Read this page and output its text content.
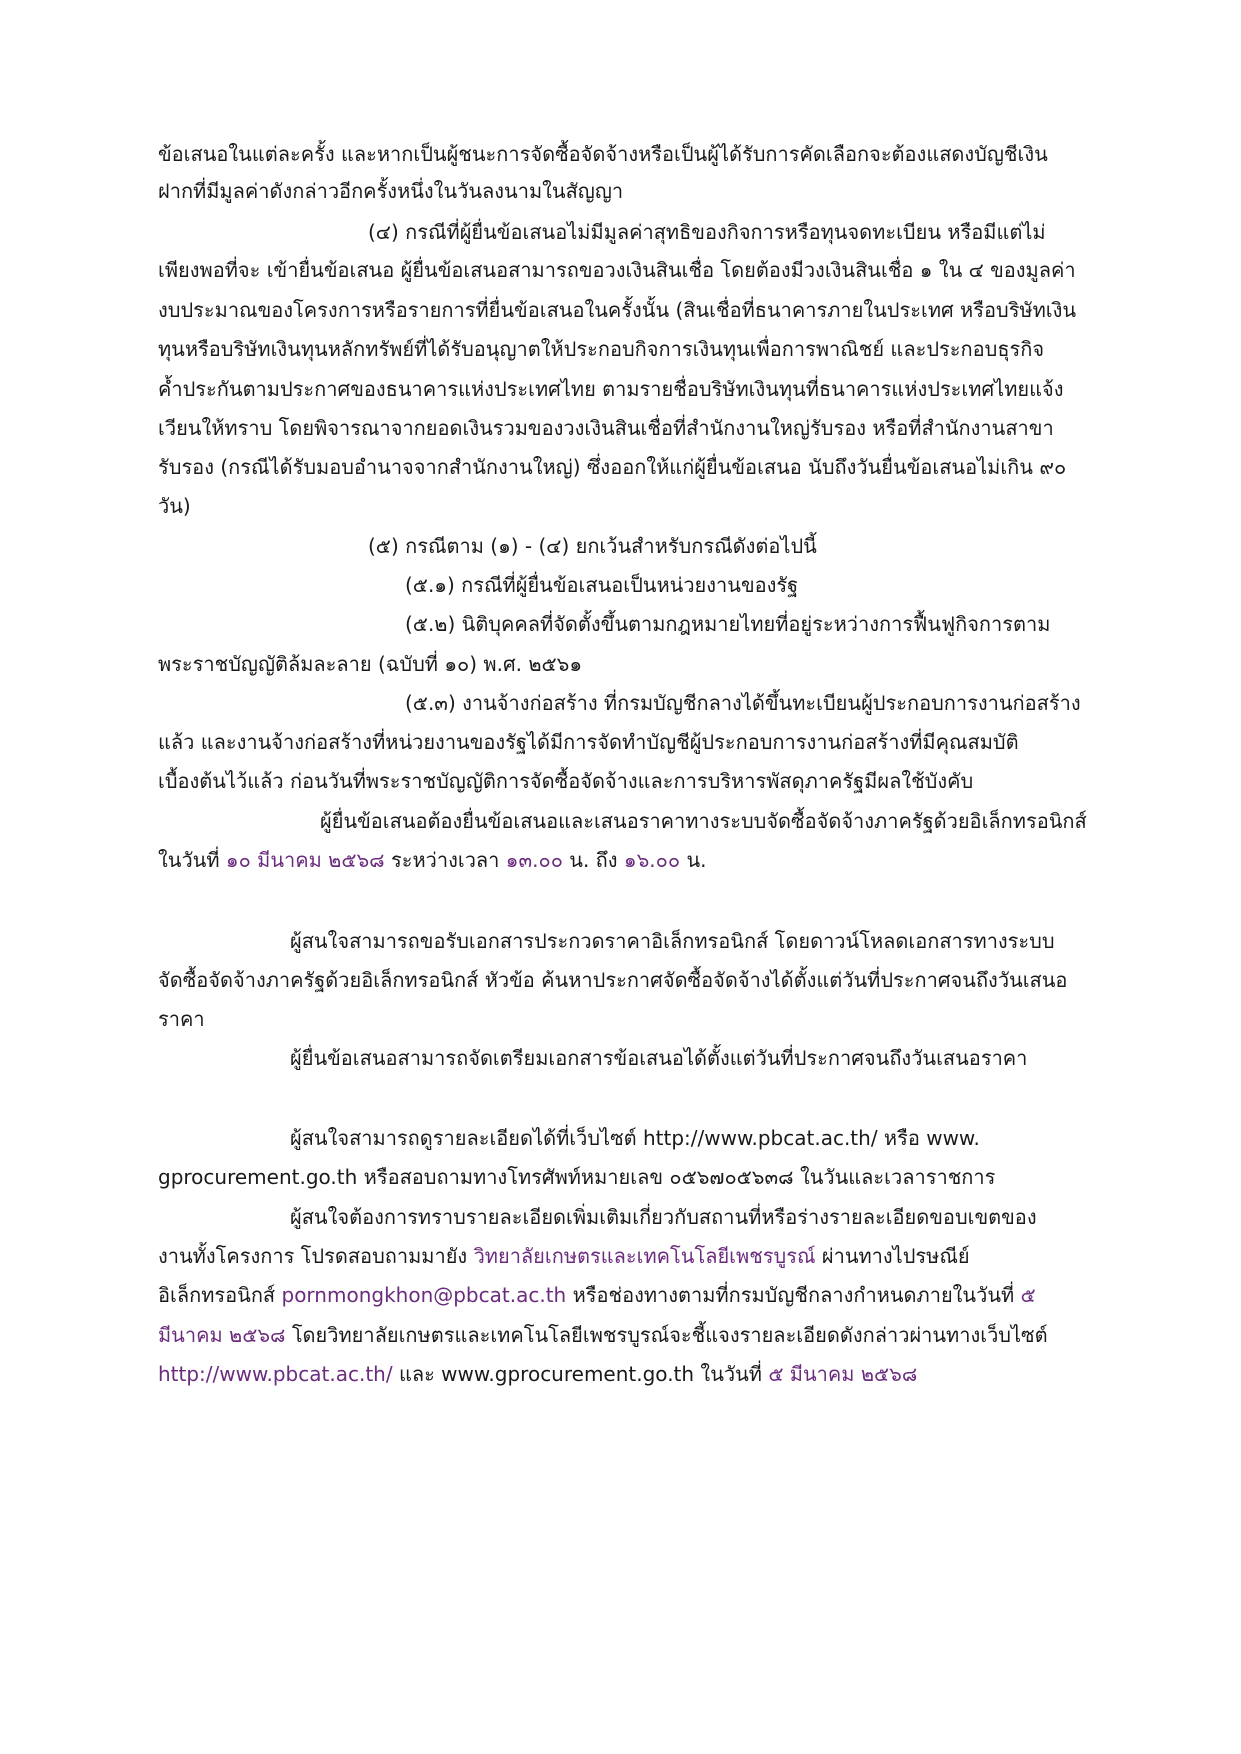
ข้อเสนอในแต่ละครั้ง และหากเป็นผู้ชนะการจัดซื้อจัดจ้างหรือเป็นผู้ได้รับการคัดเลือกจะต้องแสดงบัญชีเงิน
ฝากที่มีมูลค่าดังกล่าวอีกครั้งหนึ่งในวันลงนามในสัญญา
(๔) กรณีที่ผู้ยื่นข้อเสนอไม่มีมูลค่าสุทธิของกิจการหรือทุนจดทะเบียน หรือมีแต่ไม่
เพียงพอที่จะ เข้ายื่นข้อเสนอ ผู้ยื่นข้อเสนอสามารถขอวงเงินสินเชื่อ โดยต้องมีวงเงินสินเชื่อ ๑ ใน ๔ ของมูลค่า
งบประมาณของโครงการหรือรายการที่ยื่นข้อเสนอในครั้งนั้น (สินเชื่อที่ธนาคารภายในประเทศ หรือบริษัทเงิน
ทุนหรือบริษัทเงินทุนหลักทรัพย์ที่ได้รับอนุญาตให้ประกอบกิจการเงินทุนเพื่อการพาณิชย์ และประกอบธุรกิจ
ค้ำประกันตามประกาศของธนาคารแห่งประเทศไทย ตามรายชื่อบริษัทเงินทุนที่ธนาคารแห่งประเทศไทยแจ้ง
เวียนให้ทราบ โดยพิจารณาจากยอดเงินรวมของวงเงินสินเชื่อที่สำนักงานใหญ่รับรอง หรือที่สำนักงานสาขา
รับรอง (กรณีได้รับมอบอำนาจจากสำนักงานใหญ่) ซึ่งออกให้แก่ผู้ยื่นข้อเสนอ นับถึงวันยื่นข้อเสนอไม่เกิน ๙๐
วัน)
(๕) กรณีตาม (๑) - (๔) ยกเว้นสำหรับกรณีดังต่อไปนี้
(๕.๑) กรณีที่ผู้ยื่นข้อเสนอเป็นหน่วยงานของรัฐ
(๕.๒) นิติบุคคลที่จัดตั้งขึ้นตามกฎหมายไทยที่อยู่ระหว่างการฟื้นฟูกิจการตาม
พระราชบัญญัติล้มละลาย (ฉบับที่ ๑๐) พ.ศ. ๒๕๖๑
(๕.๓) งานจ้างก่อสร้าง ที่กรมบัญชีกลางได้ขึ้นทะเบียนผู้ประกอบการงานก่อสร้าง
แล้ว และงานจ้างก่อสร้างที่หน่วยงานของรัฐได้มีการจัดทำบัญชีผู้ประกอบการงานก่อสร้างที่มีคุณสมบัติ
เบื้องต้นไว้แล้ว ก่อนวันที่พระราชบัญญัติการจัดซื้อจัดจ้างและการบริหารพัสดุภาครัฐมีผลใช้บังคับ
ผู้ยื่นข้อเสนอต้องยื่นข้อเสนอและเสนอราคาทางระบบจัดซื้อจัดจ้างภาครัฐด้วยอิเล็กทรอนิกส์
ในวันที่ ๑๐ มีนาคม ๒๕๖๘ ระหว่างเวลา ๑๓.๐๐ น. ถึง ๑๖.๐๐ น.
ผู้สนใจสามารถขอรับเอกสารประกวดราคาอิเล็กทรอนิกส์ โดยดาวน์โหลดเอกสารทางระบบ
จัดซื้อจัดจ้างภาครัฐด้วยอิเล็กทรอนิกส์ หัวข้อ ค้นหาประกาศจัดซื้อจัดจ้างได้ตั้งแต่วันที่ประกาศจนถึงวันเสนอ
ราคา
ผู้ยื่นข้อเสนอสามารถจัดเตรียมเอกสารข้อเสนอได้ตั้งแต่วันที่ประกาศจนถึงวันเสนอราคา
ผู้สนใจสามารถดูรายละเอียดได้ที่เว็บไซต์ http://www.pbcat.ac.th/ หรือ www.
gprocurement.go.th หรือสอบถามทางโทรศัพท์หมายเลข ๐๕๖๗๐๕๖๓๘ ในวันและเวลาราชการ
ผู้สนใจต้องการทราบรายละเอียดเพิ่มเติมเกี่ยวกับสถานที่หรือร่างรายละเอียดขอบเขตของ
งานทั้งโครงการ โปรดสอบถามมายัง วิทยาลัยเกษตรและเทคโนโลยีเพชรบูรณ์ ผ่านทางไปรษณีย์
อิเล็กทรอนิกส์ pornmongkhon@pbcat.ac.th หรือช่องทางตามที่กรมบัญชีกลางกำหนดภายในวันที่ ๕
มีนาคม ๒๕๖๘ โดยวิทยาลัยเกษตรและเทคโนโลยีเพชรบูรณ์จะชี้แจงรายละเอียดดังกล่าวผ่านทางเว็บไซต์
http://www.pbcat.ac.th/ และ www.gprocurement.go.th ในวันที่ ๕ มีนาคม ๒๕๖๘
